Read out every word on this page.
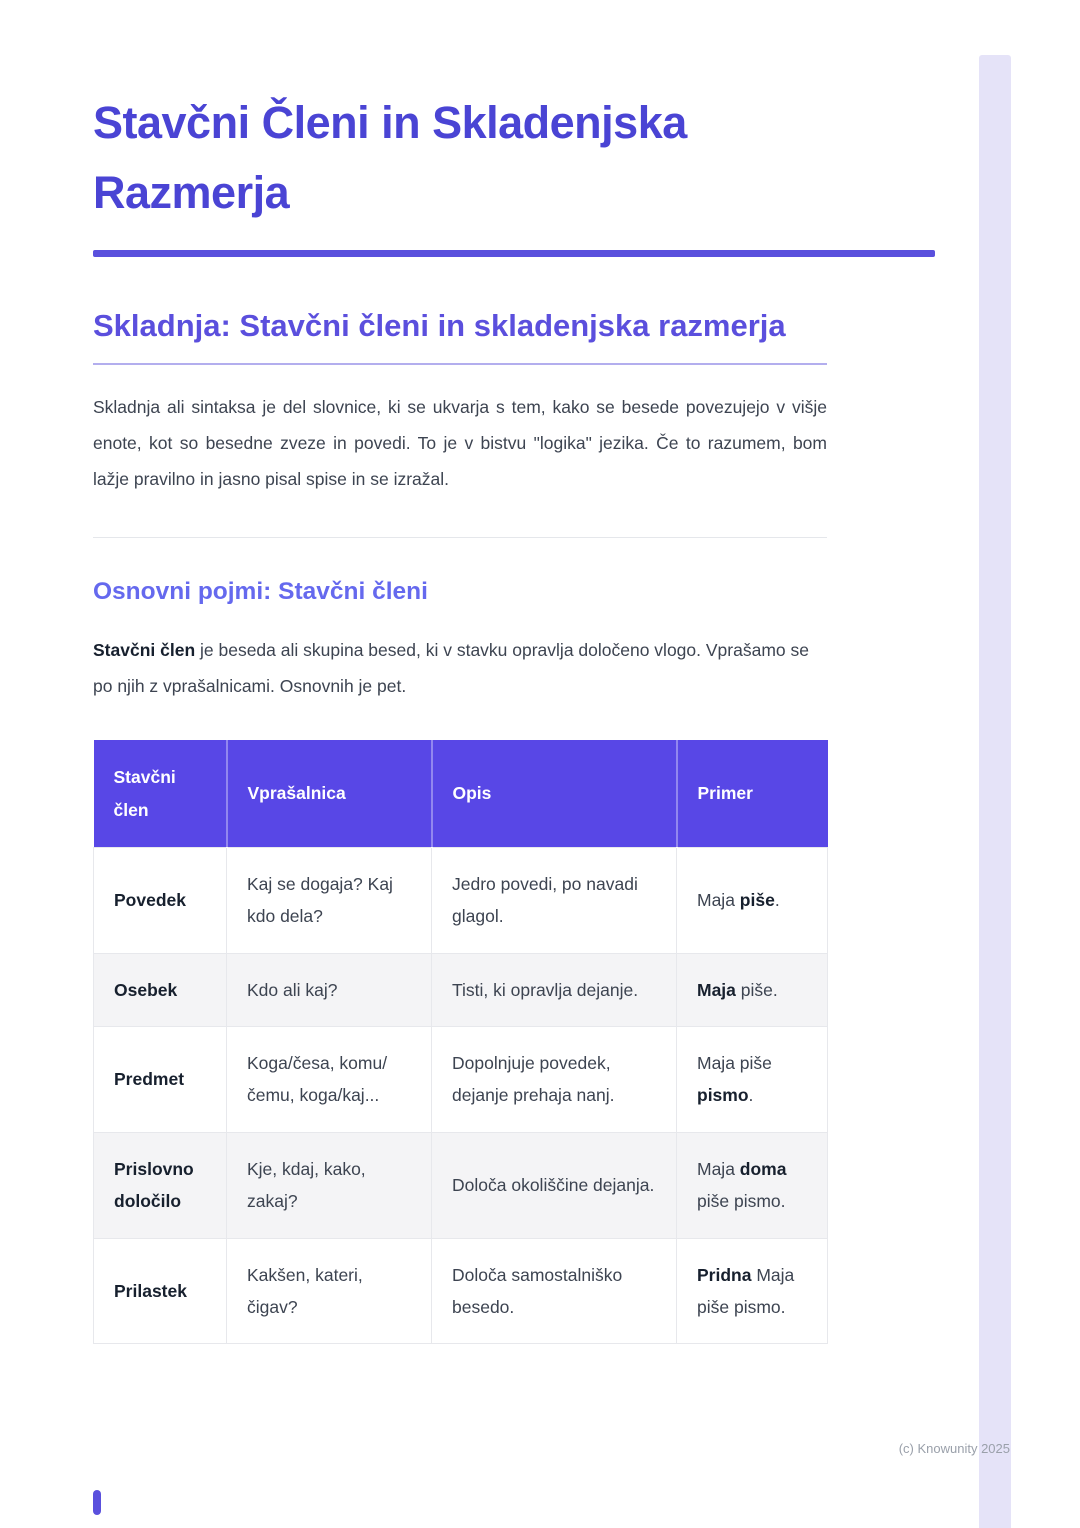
Stavčni Členi in Skladenjska Razmerja
Skladnja: Stavčni členi in skladenjska razmerja

Skladnja ali sintaksa je del slovnice, ki se ukvarja s tem, kako se besede povezujejo v višje enote, kot so besedne zveze in povedi. To je v bistvu "logika" jezika. Če to razumem, bom lažje pravilno in jasno pisal spise in se izražal.

Osnovni pojmi: Stavčni členi

Stavčni člen je beseda ali skupina besed, ki v stavku opravlja določeno vlogo. Vprašamo se po njih z vprašalnicami. Osnovnih je pet.

Stavčni člen	Vprašalnica	Opis	Primer
Povedek	Kaj se dogaja? Kaj kdo dela?	Jedro povedi, po navadi glagol.	Maja piše.
Osebek	Kdo ali kaj?	Tisti, ki opravlja dejanje.	Maja piše.
Predmet	Koga/česa, komu/čemu, koga/kaj...	Dopolnjuje povedek, dejanje prehaja nanj.	Maja piše pismo.
Prislovno določilo	Kje, kdaj, kako, zakaj?	Določa okoliščine dejanja.	Maja doma piše pismo.
Prilastek	Kakšen, kateri, čigav?	Določa samostalniško besedo.	Pridna Maja piše pismo.
(c) Knowunity 2025
